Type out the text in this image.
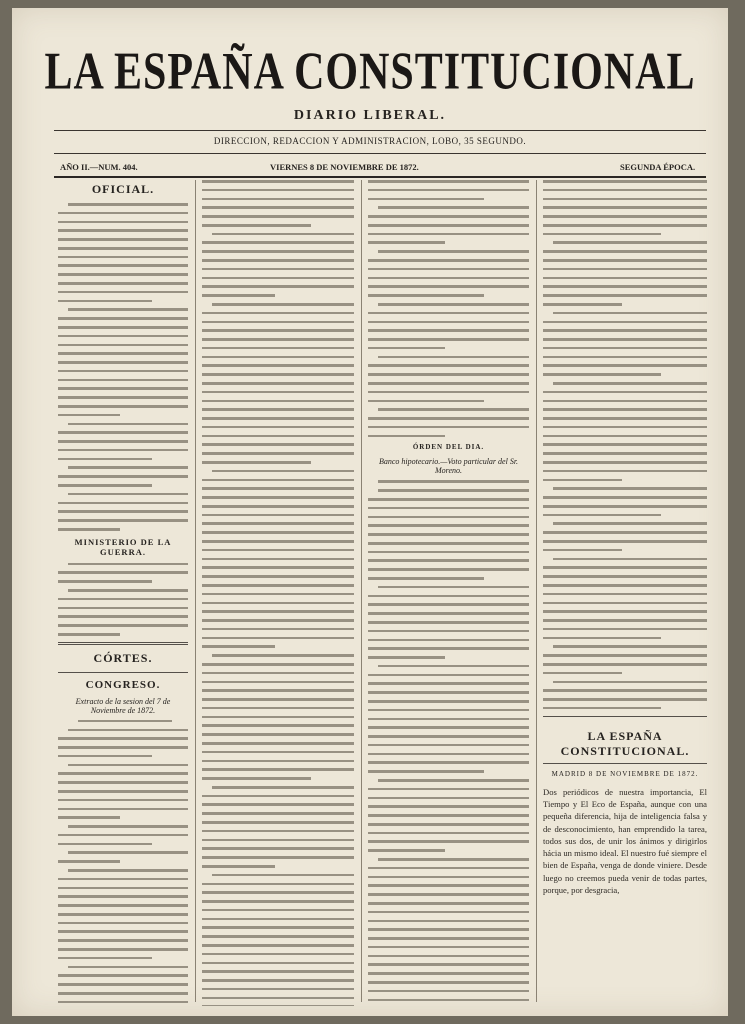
LA ESPAÑA CONSTITUCIONAL
DIARIO LIBERAL.
DIRECCION, REDACCION Y ADMINISTRACION, LOBO, 35 SEGUNDO.
AÑO II.—NUM. 404.	VIERNES 8 DE NOVIEMBRE DE 1872.	SEGUNDA ÉPOCA.
OFICIAL.
MINISTERIO DE LA GUERRA.
CÓRTES.
CONGRESO.
Extracto de la sesion del 7 de Noviembre de 1872.
ÓRDEN DEL DIA.
Banco hipotecario.—Voto particular del Sr. Moreno.
LA ESPAÑA CONSTITUCIONAL.
MADRID 8 DE NOVIEMBRE DE 1872.
Dos periódicos de nuestra importancia, El Tiempo y El Eco de España, aunque con una pequeña diferencia, hija de inteligencia falsa y de desconocimiento, han emprendido la tarea, todos sus dos, de unir los ánimos y dirigirlos hácia un mismo ideal. El nuestro fué siempre el bien de España, venga de donde viniere. Desde luego no creemos pueda venir de todas partes, porque, por desgracia,
